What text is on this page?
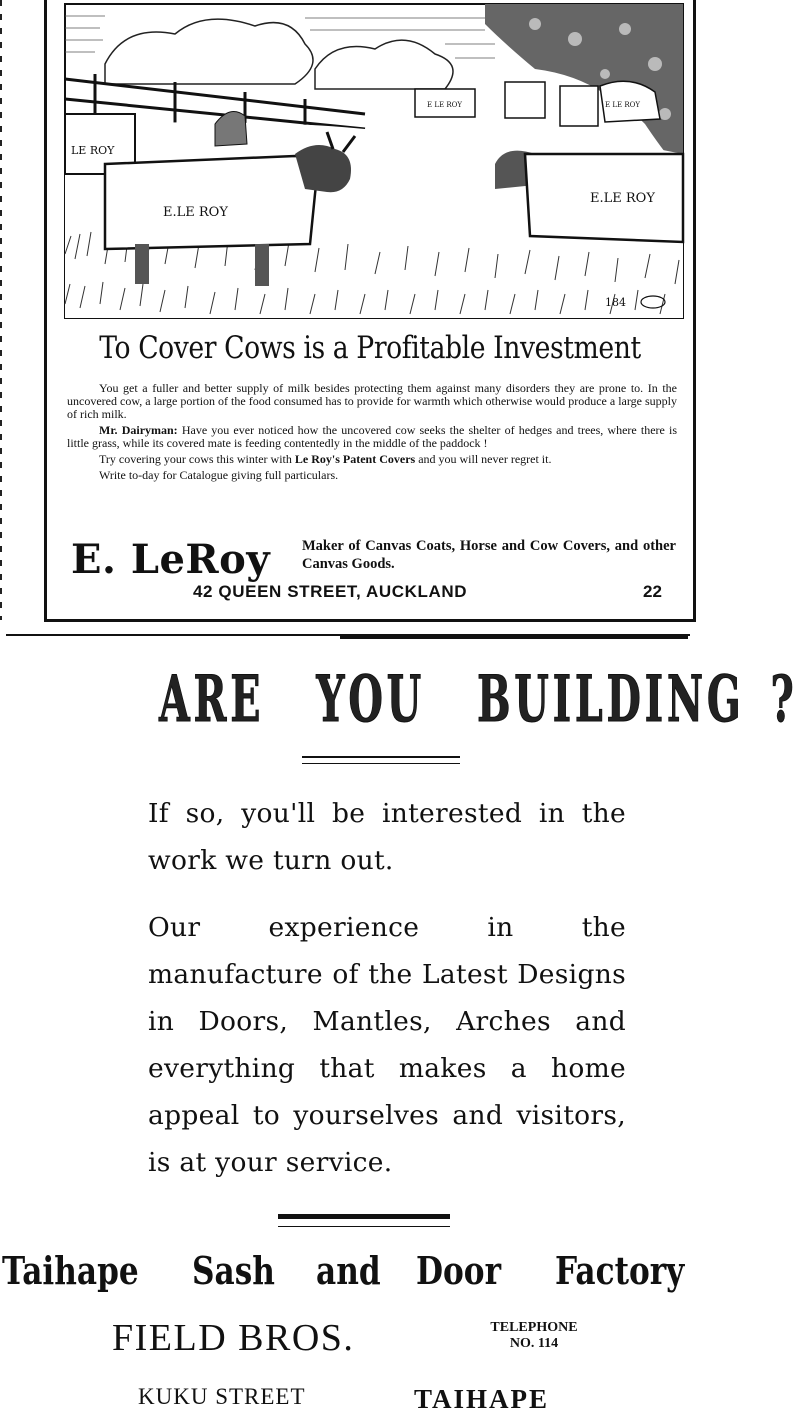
LE ROY
E.LE ROY
E LE ROY	E LE ROY
E.LE ROY
184
To Cover Cows is a Profitable Investment

You get a fuller and better supply of milk besides protecting them against many disorders they are prone to. In the uncovered cow, a large portion of the food consumed has to provide for warmth which otherwise would produce a large supply of rich milk.

Mr. Dairyman: Have you ever noticed how the uncovered cow seeks the shelter of hedges and trees, where there is little grass, while its covered mate is feeding contentedly in the middle of the paddock !

Try covering your cows this winter with Le Roy's Patent Covers and you will never regret it.

Write to-day for Catalogue giving full particulars.

E. LeRoy Maker of Canvas Coats, Horse and Cow Covers, and other Canvas Goods.
42 QUEEN STREET, AUCKLAND	22
ARE YOU BUILDING ?

If so, you'll be interested in the work we turn out.

Our experience in the manufacture of the Latest Designs in Doors, Mantles, Arches and everything that makes a home appeal to yourselves and visitors, is at your service.

Taihape Sash and Door Factory
FIELD BROS.	TELEPHONE
NO. 114
KUKU STREET	TAIHAPE
